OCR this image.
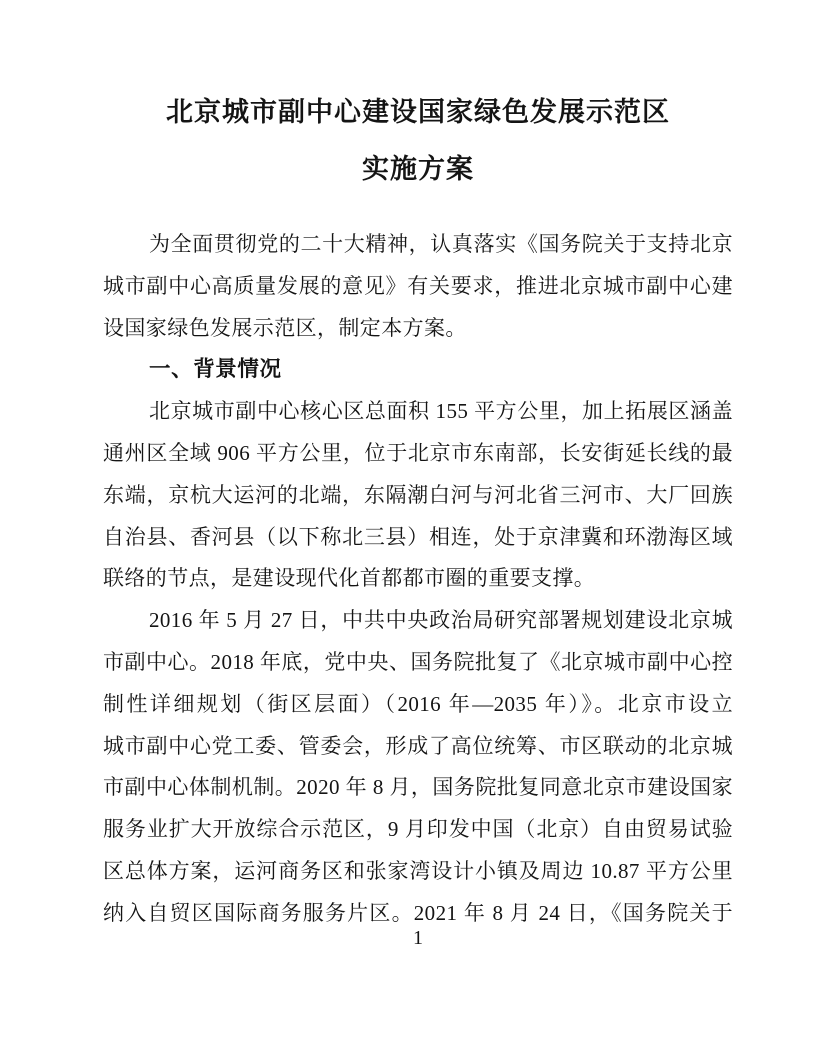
北京城市副中心建设国家绿色发展示范区
实施方案
为全面贯彻党的二十大精神，认真落实《国务院关于支持北京
城市副中心高质量发展的意见》有关要求，推进北京城市副中心建
设国家绿色发展示范区，制定本方案。
一、背景情况
北京城市副中心核心区总面积 155 平方公里，加上拓展区涵盖
通州区全域 906 平方公里，位于北京市东南部，长安街延长线的最
东端，京杭大运河的北端，东隔潮白河与河北省三河市、大厂回族
自治县、香河县（以下称北三县）相连，处于京津冀和环渤海区域
联络的节点，是建设现代化首都都市圈的重要支撑。
2016 年 5 月 27 日，中共中央政治局研究部署规划建设北京城
市副中心。2018 年底，党中央、国务院批复了《北京城市副中心控
制性详细规划（街区层面）（2016 年—2035 年）》。北京市设立
城市副中心党工委、管委会，形成了高位统筹、市区联动的北京城
市副中心体制机制。2020 年 8 月，国务院批复同意北京市建设国家
服务业扩大开放综合示范区，9 月印发中国（北京）自由贸易试验
区总体方案，运河商务区和张家湾设计小镇及周边 10.87 平方公里
纳入自贸区国际商务服务片区。2021 年 8 月 24 日，《国务院关于
1
